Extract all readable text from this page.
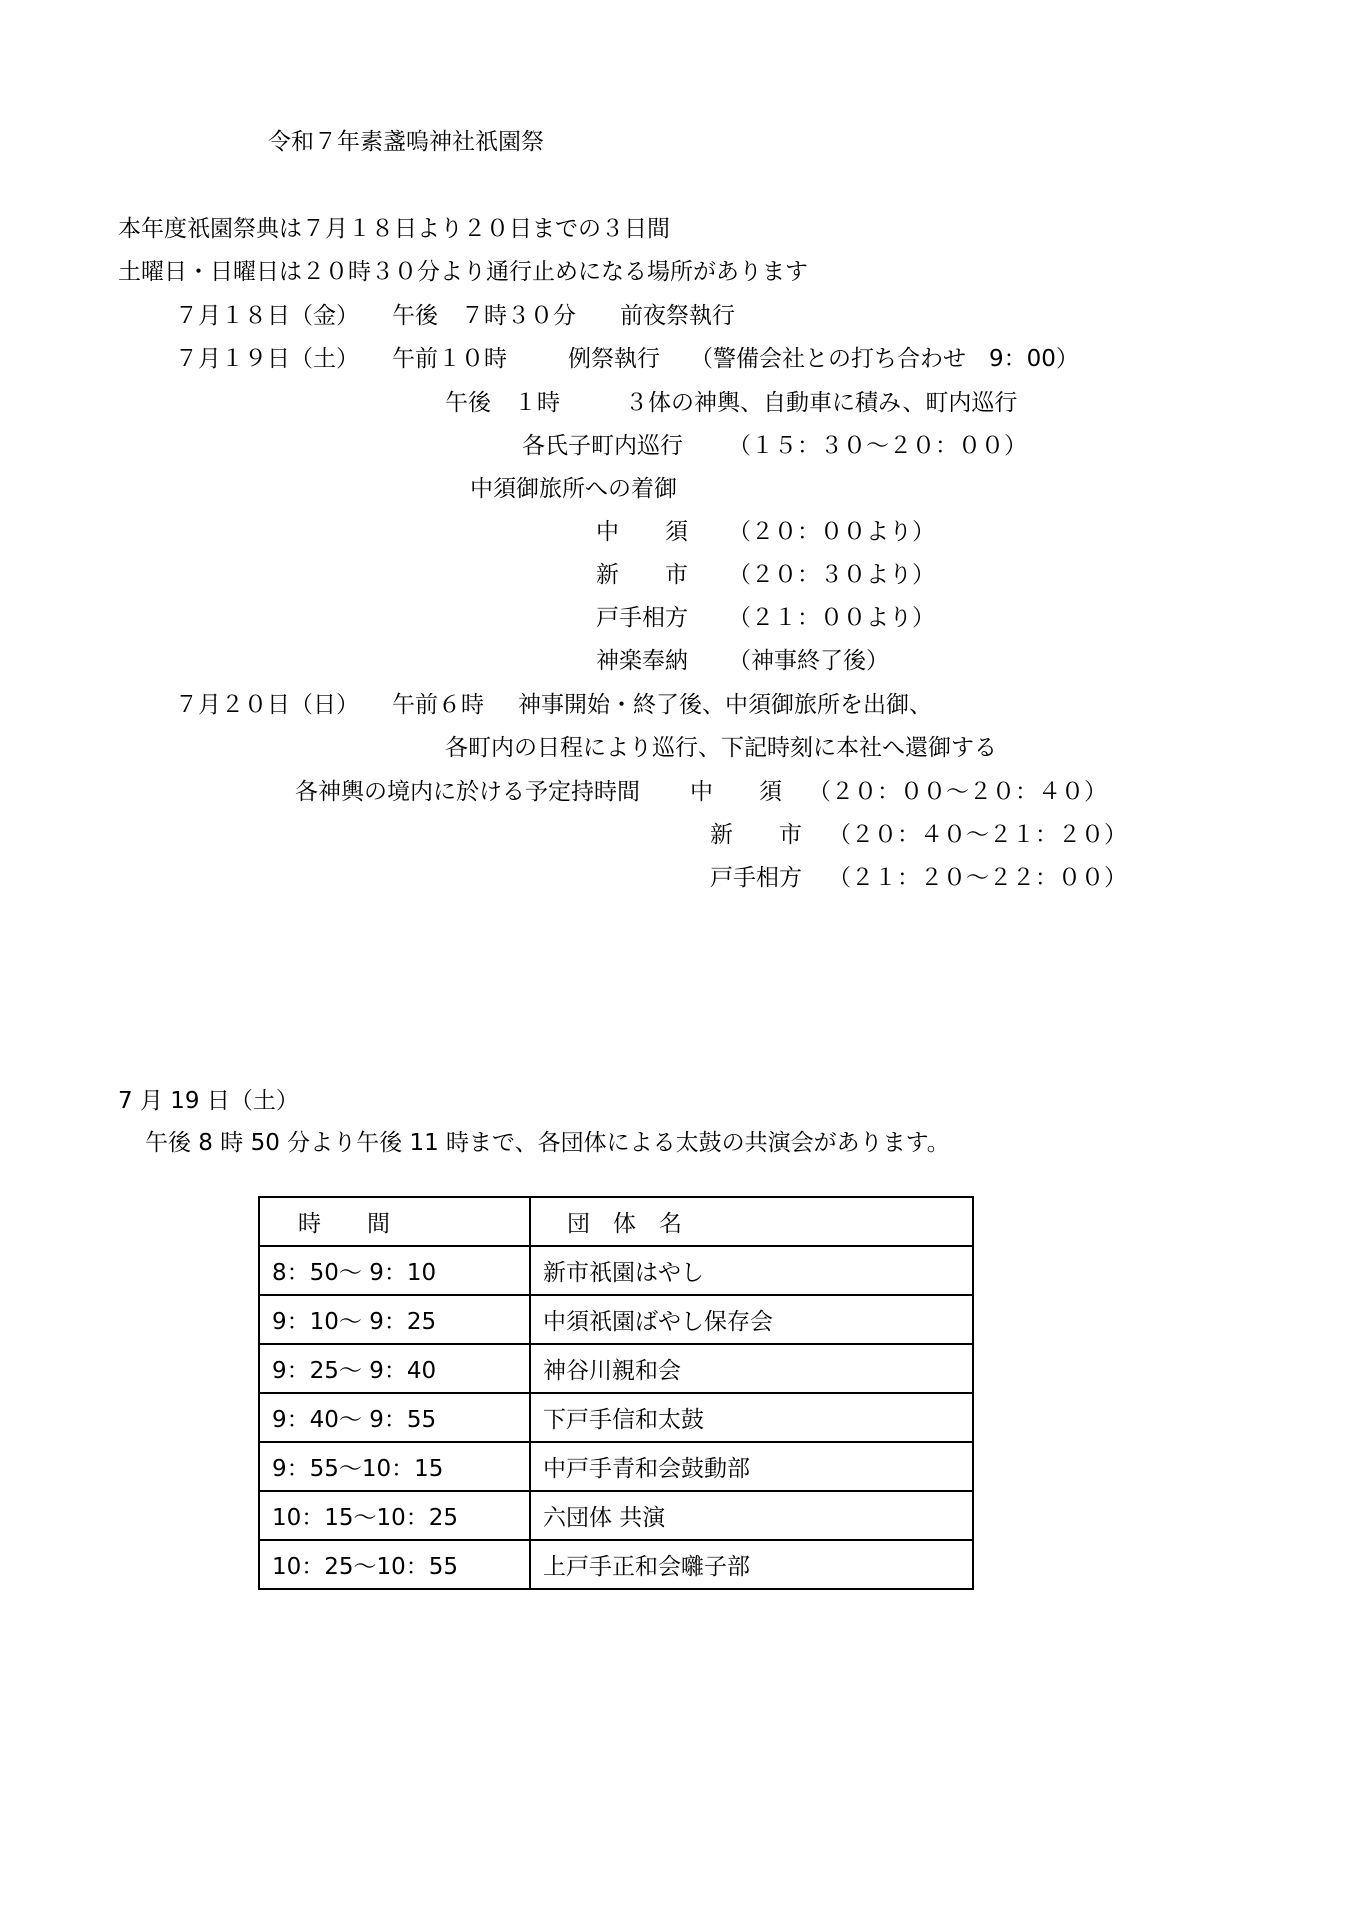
令和７年素盞嗚神社祇園祭
本年度祇園祭典は７月１８日より２０日までの３日間
土曜日・日曜日は２０時３０分より通行止めになる場所があります
７月１８日（金） 午後　７時３０分 前夜祭執行
７月１９日（土） 午前１０時	例祭執行 （警備会社との打ち合わせ　9：00）
午後　１時	３体の神輿、自動車に積み、町内巡行
各氏子町内巡行 （１５：３０～２０：００）
中須御旅所への着御
中　　須 （２０：００より）
新　　市 （２０：３０より）
戸手相方 （２１：００より）
神楽奉納 （神事終了後）
７月２０日（日） 午前６時 神事開始・終了後、中須御旅所を出御、
各町内の日程により巡行、下記時刻に本社へ還御する
各神輿の境内に於ける予定持時間 中　　須 （２０：００～２０：４０）
新　　市 （２０：４０～２１：２０）
戸手相方 （２１：２０～２２：００）
7 月 19 日（土）
午後 8 時 50 分より午後 11 時まで、各団体による太鼓の共演会があります。
時　　間	団　体　名
8：50～ 9：10	新市祇園はやし
9：10～ 9：25	中須祇園ばやし保存会
9：25～ 9：40	神谷川親和会
9：40～ 9：55	下戸手信和太鼓
9：55～10：15	中戸手青和会鼓動部
10：15～10：25	六団体 共演
10：25～10：55	上戸手正和会囃子部
